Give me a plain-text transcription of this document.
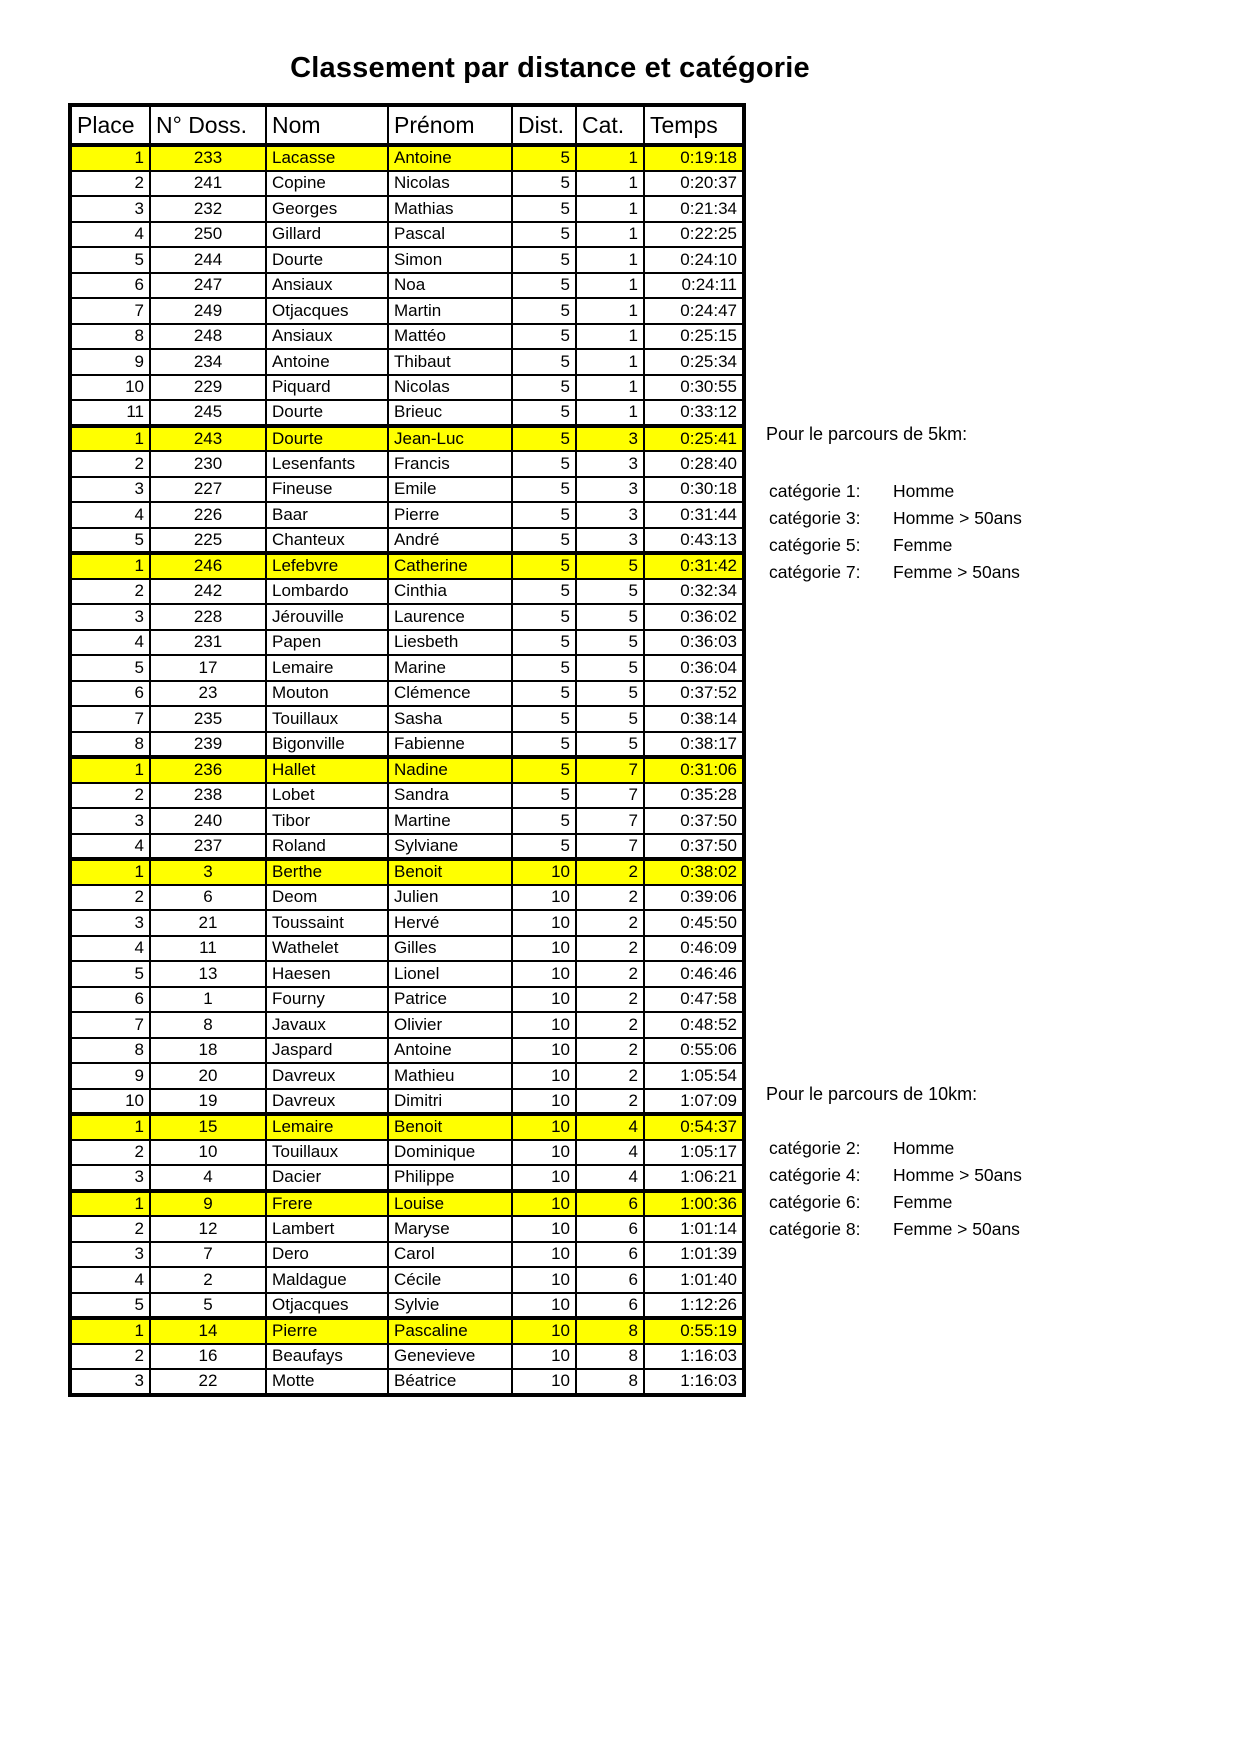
Classement par distance et catégorie
Place	N° Doss.	Nom	Prénom	Dist.	Cat.	Temps
1	233	Lacasse	Antoine	5	1	0:19:18
2	241	Copine	Nicolas	5	1	0:20:37
3	232	Georges	Mathias	5	1	0:21:34
4	250	Gillard	Pascal	5	1	0:22:25
5	244	Dourte	Simon	5	1	0:24:10
6	247	Ansiaux	Noa	5	1	0:24:11
7	249	Otjacques	Martin	5	1	0:24:47
8	248	Ansiaux	Mattéo	5	1	0:25:15
9	234	Antoine	Thibaut	5	1	0:25:34
10	229	Piquard	Nicolas	5	1	0:30:55
11	245	Dourte	Brieuc	5	1	0:33:12
1	243	Dourte	Jean-Luc	5	3	0:25:41
2	230	Lesenfants	Francis	5	3	0:28:40
3	227	Fineuse	Emile	5	3	0:30:18
4	226	Baar	Pierre	5	3	0:31:44
5	225	Chanteux	André	5	3	0:43:13
1	246	Lefebvre	Catherine	5	5	0:31:42
2	242	Lombardo	Cinthia	5	5	0:32:34
3	228	Jérouville	Laurence	5	5	0:36:02
4	231	Papen	Liesbeth	5	5	0:36:03
5	17	Lemaire	Marine	5	5	0:36:04
6	23	Mouton	Clémence	5	5	0:37:52
7	235	Touillaux	Sasha	5	5	0:38:14
8	239	Bigonville	Fabienne	5	5	0:38:17
1	236	Hallet	Nadine	5	7	0:31:06
2	238	Lobet	Sandra	5	7	0:35:28
3	240	Tibor	Martine	5	7	0:37:50
4	237	Roland	Sylviane	5	7	0:37:50
1	3	Berthe	Benoit	10	2	0:38:02
2	6	Deom	Julien	10	2	0:39:06
3	21	Toussaint	Hervé	10	2	0:45:50
4	11	Wathelet	Gilles	10	2	0:46:09
5	13	Haesen	Lionel	10	2	0:46:46
6	1	Fourny	Patrice	10	2	0:47:58
7	8	Javaux	Olivier	10	2	0:48:52
8	18	Jaspard	Antoine	10	2	0:55:06
9	20	Davreux	Mathieu	10	2	1:05:54
10	19	Davreux	Dimitri	10	2	1:07:09
1	15	Lemaire	Benoit	10	4	0:54:37
2	10	Touillaux	Dominique	10	4	1:05:17
3	4	Dacier	Philippe	10	4	1:06:21
1	9	Frere	Louise	10	6	1:00:36
2	12	Lambert	Maryse	10	6	1:01:14
3	7	Dero	Carol	10	6	1:01:39
4	2	Maldague	Cécile	10	6	1:01:40
5	5	Otjacques	Sylvie	10	6	1:12:26
1	14	Pierre	Pascaline	10	8	0:55:19
2	16	Beaufays	Genevieve	10	8	1:16:03
3	22	Motte	Béatrice	10	8	1:16:03
Pour le parcours de 5km:
catégorie 1:	Homme
catégorie 3:	Homme > 50ans
catégorie 5:	Femme
catégorie 7:	Femme > 50ans
Pour le parcours de 10km:
catégorie 2:	Homme
catégorie 4:	Homme > 50ans
catégorie 6:	Femme
catégorie 8:	Femme > 50ans
